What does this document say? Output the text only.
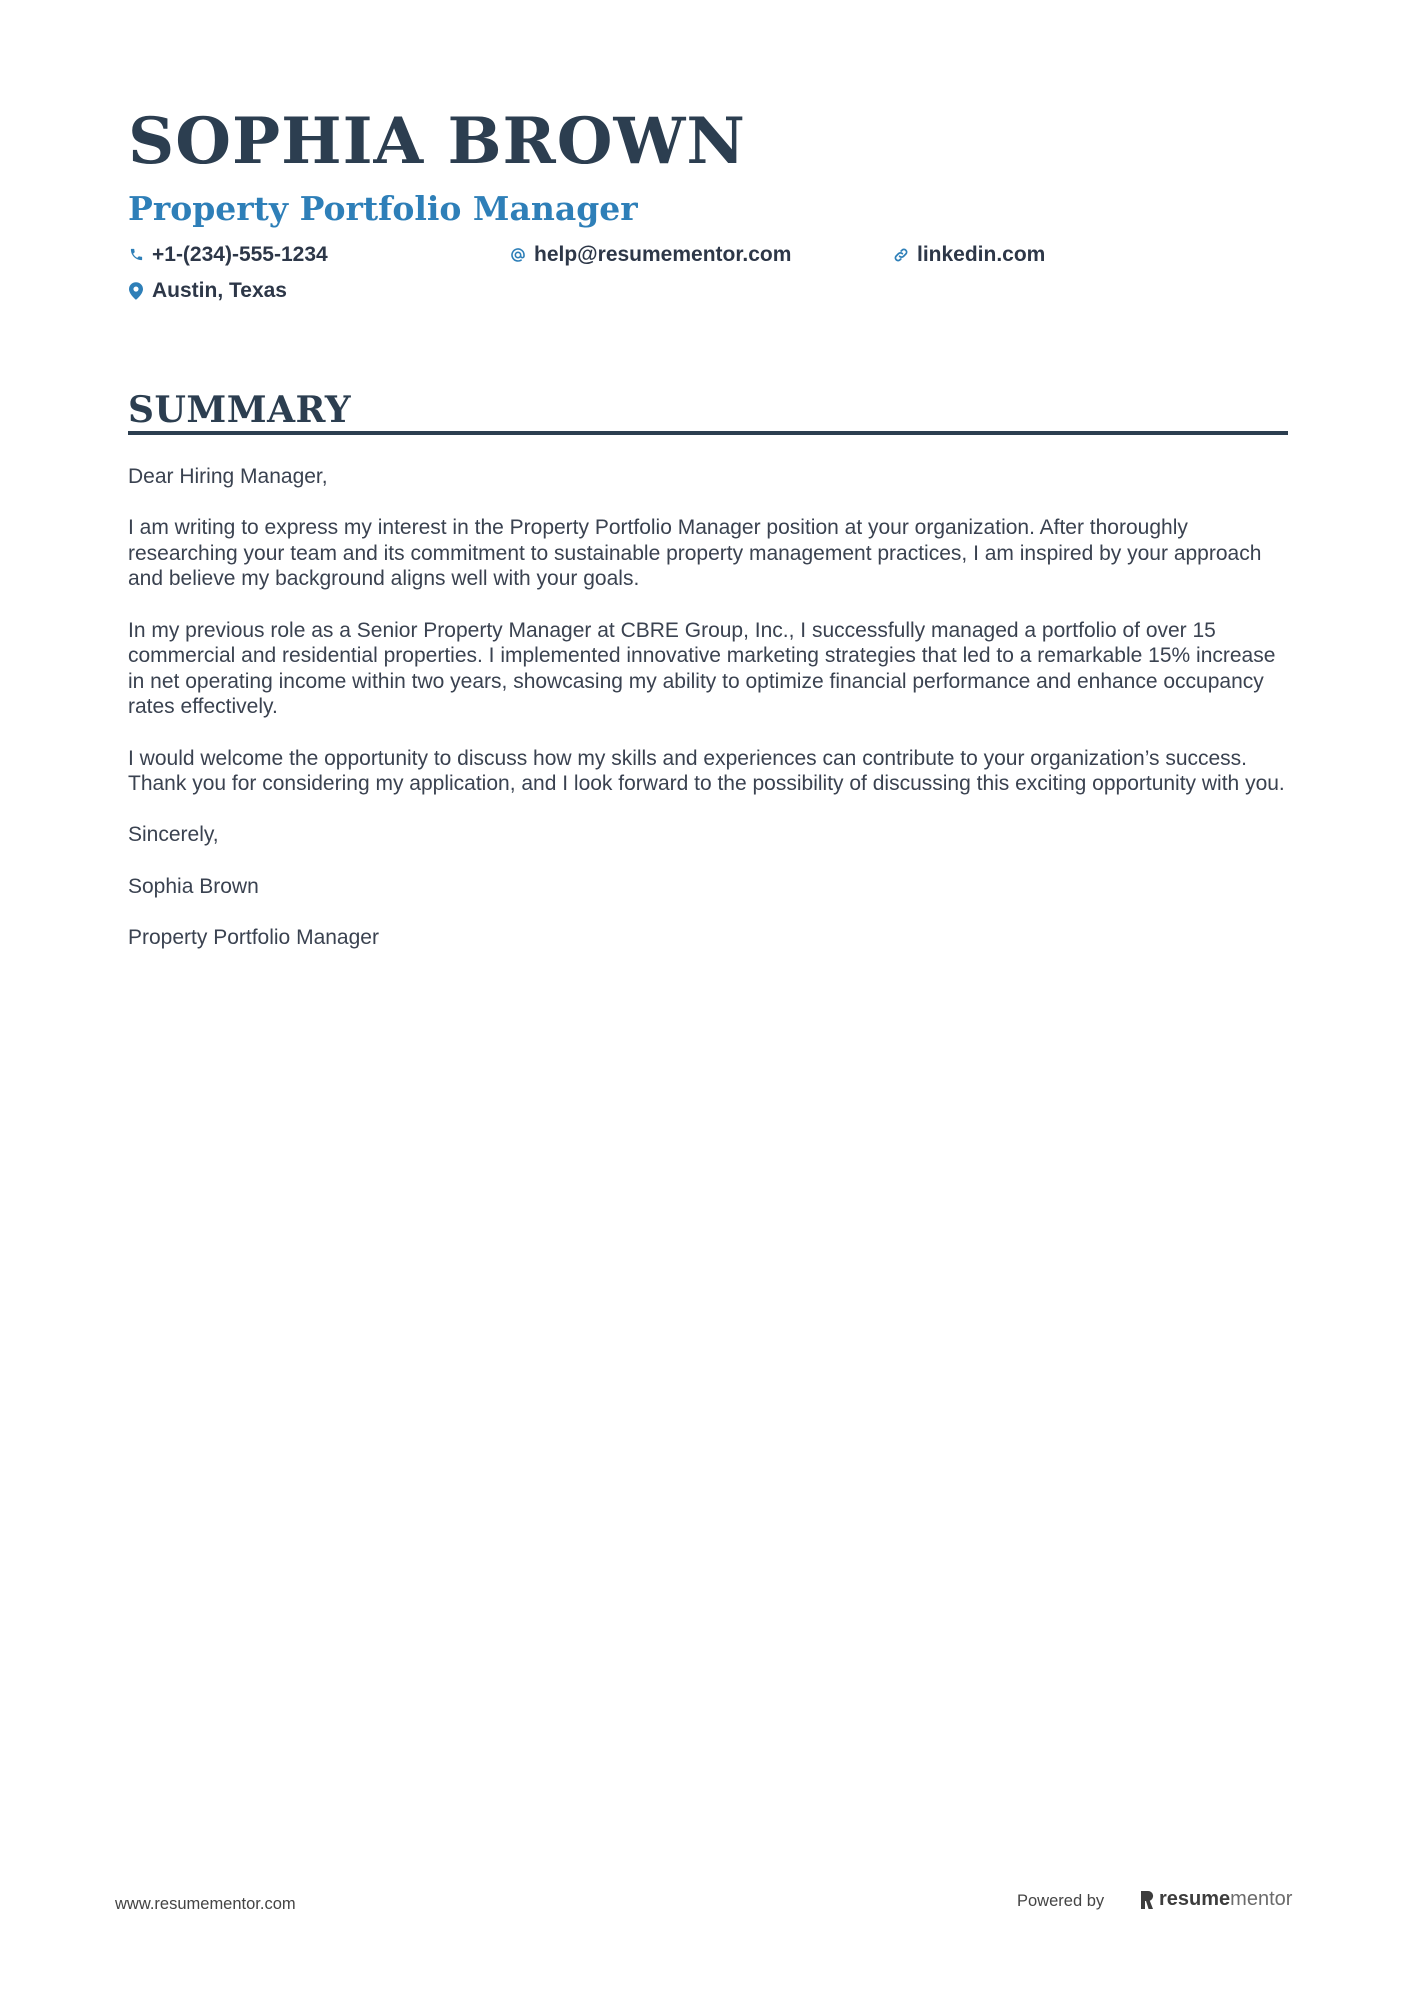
SOPHIA BROWN
Property Portfolio Manager
+1-(234)-555-1234	help@resumementor.com	linkedin.com
Austin, Texas
SUMMARY

Dear Hiring Manager,

I am writing to express my interest in the Property Portfolio Manager position at your organization. After thoroughly researching your team and its commitment to sustainable property management practices, I am inspired by your approach and believe my background aligns well with your goals.

In my previous role as a Senior Property Manager at CBRE Group, Inc., I successfully managed a portfolio of over 15 commercial and residential properties. I implemented innovative marketing strategies that led to a remarkable 15% increase in net operating income within two years, showcasing my ability to optimize financial performance and enhance occupancy rates effectively.

I would welcome the opportunity to discuss how my skills and experiences can contribute to your organization’s success. Thank you for considering my application, and I look forward to the possibility of discussing this exciting opportunity with you.

Sincerely,

Sophia Brown

Property Portfolio Manager

www.resumementor.com	Powered by	resume mentor
